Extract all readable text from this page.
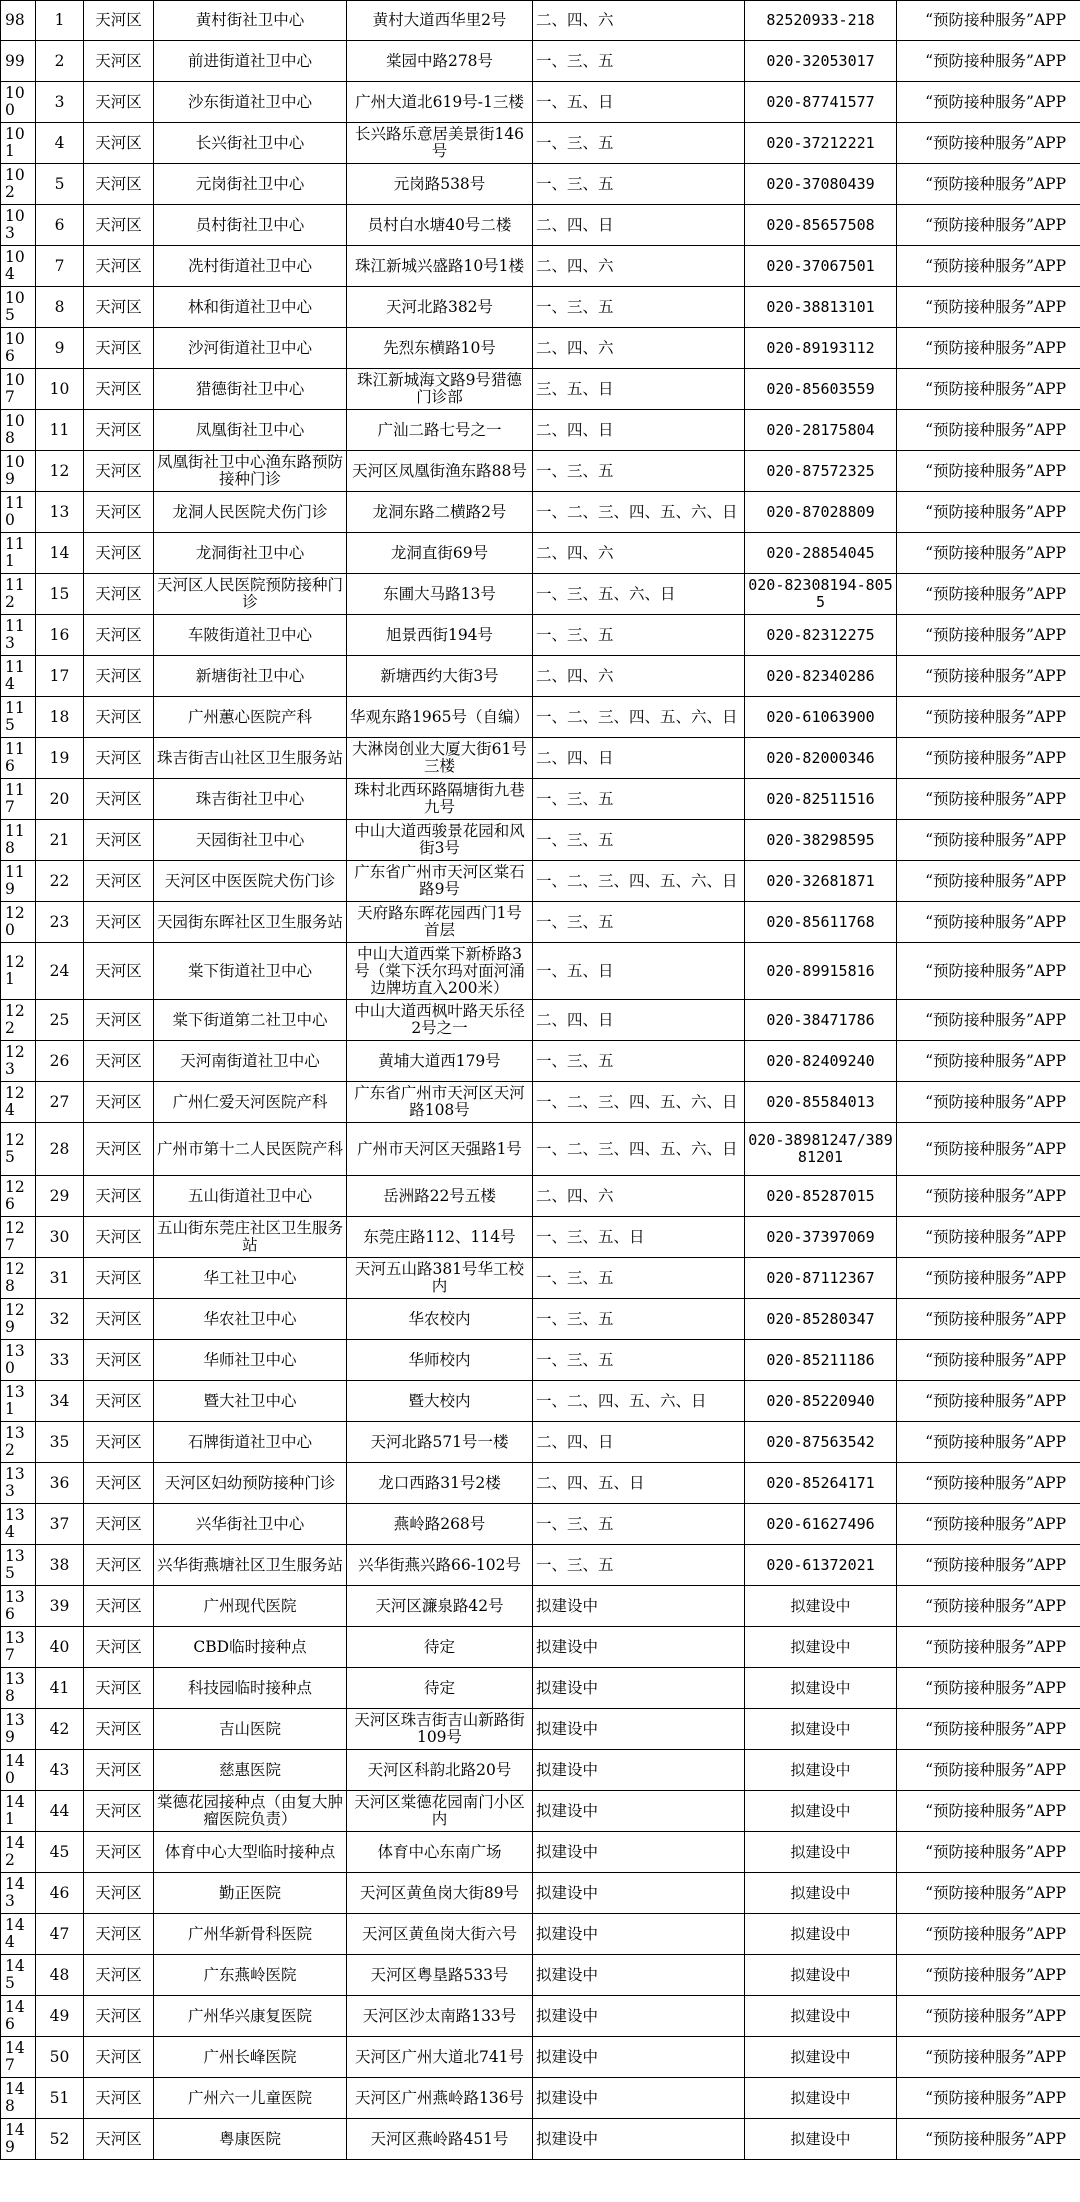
98	1	天河区	黄村街社卫中心	黄村大道西华里2号	二、四、六	82520933-218	“预防接种服务”APP
99	2	天河区	前进街道社卫中心	棠园中路278号	一、三、五	020-32053017	“预防接种服务”APP
100	3	天河区	沙东街道社卫中心	广州大道北619号-1三楼	一、五、日	020-87741577	“预防接种服务”APP
101	4	天河区	长兴街社卫中心	长兴路乐意居美景街146号	一、三、五	020-37212221	“预防接种服务”APP
102	5	天河区	元岗街社卫中心	元岗路538号	一、三、五	020-37080439	“预防接种服务”APP
103	6	天河区	员村街社卫中心	员村白水塘40号二楼	二、四、日	020-85657508	“预防接种服务”APP
104	7	天河区	冼村街道社卫中心	珠江新城兴盛路10号1楼	二、四、六	020-37067501	“预防接种服务”APP
105	8	天河区	林和街道社卫中心	天河北路382号	一、三、五	020-38813101	“预防接种服务”APP
106	9	天河区	沙河街道社卫中心	先烈东横路10号	二、四、六	020-89193112	“预防接种服务”APP
107	10	天河区	猎德街社卫中心	珠江新城海文路9号猎德门诊部	三、五、日	020-85603559	“预防接种服务”APP
108	11	天河区	凤凰街社卫中心	广汕二路七号之一	二、四、日	020-28175804	“预防接种服务”APP
109	12	天河区	凤凰街社卫中心渔东路预防接种门诊	天河区凤凰街渔东路88号	一、三、五	020-87572325	“预防接种服务”APP
110	13	天河区	龙洞人民医院犬伤门诊	龙洞东路二横路2号	一、二、三、四、五、六、日	020-87028809	“预防接种服务”APP
111	14	天河区	龙洞街社卫中心	龙洞直街69号	二、四、六	020-28854045	“预防接种服务”APP
112	15	天河区	天河区人民医院预防接种门诊	东圃大马路13号	一、三、五、六、日	020-82308194-8055	“预防接种服务”APP
113	16	天河区	车陂街道社卫中心	旭景西街194号	一、三、五	020-82312275	“预防接种服务”APP
114	17	天河区	新塘街社卫中心	新塘西约大街3号	二、四、六	020-82340286	“预防接种服务”APP
115	18	天河区	广州蕙心医院产科	华观东路1965号（自编）	一、二、三、四、五、六、日	020-61063900	“预防接种服务”APP
116	19	天河区	珠吉街吉山社区卫生服务站	大淋岗创业大厦大街61号三楼	二、四、日	020-82000346	“预防接种服务”APP
117	20	天河区	珠吉街社卫中心	珠村北西环路隔塘街九巷九号	一、三、五	020-82511516	“预防接种服务”APP
118	21	天河区	天园街社卫中心	中山大道西骏景花园和风街3号	一、三、五	020-38298595	“预防接种服务”APP
119	22	天河区	天河区中医医院犬伤门诊	广东省广州市天河区棠石路9号	一、二、三、四、五、六、日	020-32681871	“预防接种服务”APP
120	23	天河区	天园街东晖社区卫生服务站	天府路东晖花园西门1号首层	一、三、五	020-85611768	“预防接种服务”APP
121	24	天河区	棠下街道社卫中心	中山大道西棠下新桥路3号（棠下沃尔玛对面河涌边牌坊直入200米）	一、五、日	020-89915816	“预防接种服务”APP
122	25	天河区	棠下街道第二社卫中心	中山大道西枫叶路天乐径2号之一	二、四、日	020-38471786	“预防接种服务”APP
123	26	天河区	天河南街道社卫中心	黄埔大道西179号	一、三、五	020-82409240	“预防接种服务”APP
124	27	天河区	广州仁爱天河医院产科	广东省广州市天河区天河路108号	一、二、三、四、五、六、日	020-85584013	“预防接种服务”APP
125	28	天河区	广州市第十二人民医院产科	广州市天河区天强路1号	一、二、三、四、五、六、日	020-38981247/38981201	“预防接种服务”APP
126	29	天河区	五山街道社卫中心	岳洲路22号五楼	二、四、六	020-85287015	“预防接种服务”APP
127	30	天河区	五山街东莞庄社区卫生服务站	东莞庄路112、114号	一、三、五、日	020-37397069	“预防接种服务”APP
128	31	天河区	华工社卫中心	天河五山路381号华工校内	一、三、五	020-87112367	“预防接种服务”APP
129	32	天河区	华农社卫中心	华农校内	一、三、五	020-85280347	“预防接种服务”APP
130	33	天河区	华师社卫中心	华师校内	一、三、五	020-85211186	“预防接种服务”APP
131	34	天河区	暨大社卫中心	暨大校内	一、二、四、五、六、日	020-85220940	“预防接种服务”APP
132	35	天河区	石牌街道社卫中心	天河北路571号一楼	二、四、日	020-87563542	“预防接种服务”APP
133	36	天河区	天河区妇幼预防接种门诊	龙口西路31号2楼	二、四、五、日	020-85264171	“预防接种服务”APP
134	37	天河区	兴华街社卫中心	燕岭路268号	一、三、五	020-61627496	“预防接种服务”APP
135	38	天河区	兴华街燕塘社区卫生服务站	兴华街燕兴路66-102号	一、三、五	020-61372021	“预防接种服务”APP
136	39	天河区	广州现代医院	天河区濂泉路42号	拟建设中	拟建设中	“预防接种服务”APP
137	40	天河区	CBD临时接种点	待定	拟建设中	拟建设中	“预防接种服务”APP
138	41	天河区	科技园临时接种点	待定	拟建设中	拟建设中	“预防接种服务”APP
139	42	天河区	吉山医院	天河区珠吉街吉山新路街109号	拟建设中	拟建设中	“预防接种服务”APP
140	43	天河区	慈惠医院	天河区科韵北路20号	拟建设中	拟建设中	“预防接种服务”APP
141	44	天河区	棠德花园接种点（由复大肿瘤医院负责）	天河区棠德花园南门小区内	拟建设中	拟建设中	“预防接种服务”APP
142	45	天河区	体育中心大型临时接种点	体育中心东南广场	拟建设中	拟建设中	“预防接种服务”APP
143	46	天河区	勤正医院	天河区黄鱼岗大街89号	拟建设中	拟建设中	“预防接种服务”APP
144	47	天河区	广州华新骨科医院	天河区黄鱼岗大街六号	拟建设中	拟建设中	“预防接种服务”APP
145	48	天河区	广东燕岭医院	天河区粤垦路533号	拟建设中	拟建设中	“预防接种服务”APP
146	49	天河区	广州华兴康复医院	天河区沙太南路133号	拟建设中	拟建设中	“预防接种服务”APP
147	50	天河区	广州长峰医院	天河区广州大道北741号	拟建设中	拟建设中	“预防接种服务”APP
148	51	天河区	广州六一儿童医院	天河区广州燕岭路136号	拟建设中	拟建设中	“预防接种服务”APP
149	52	天河区	粤康医院	天河区燕岭路451号	拟建设中	拟建设中	“预防接种服务”APP
